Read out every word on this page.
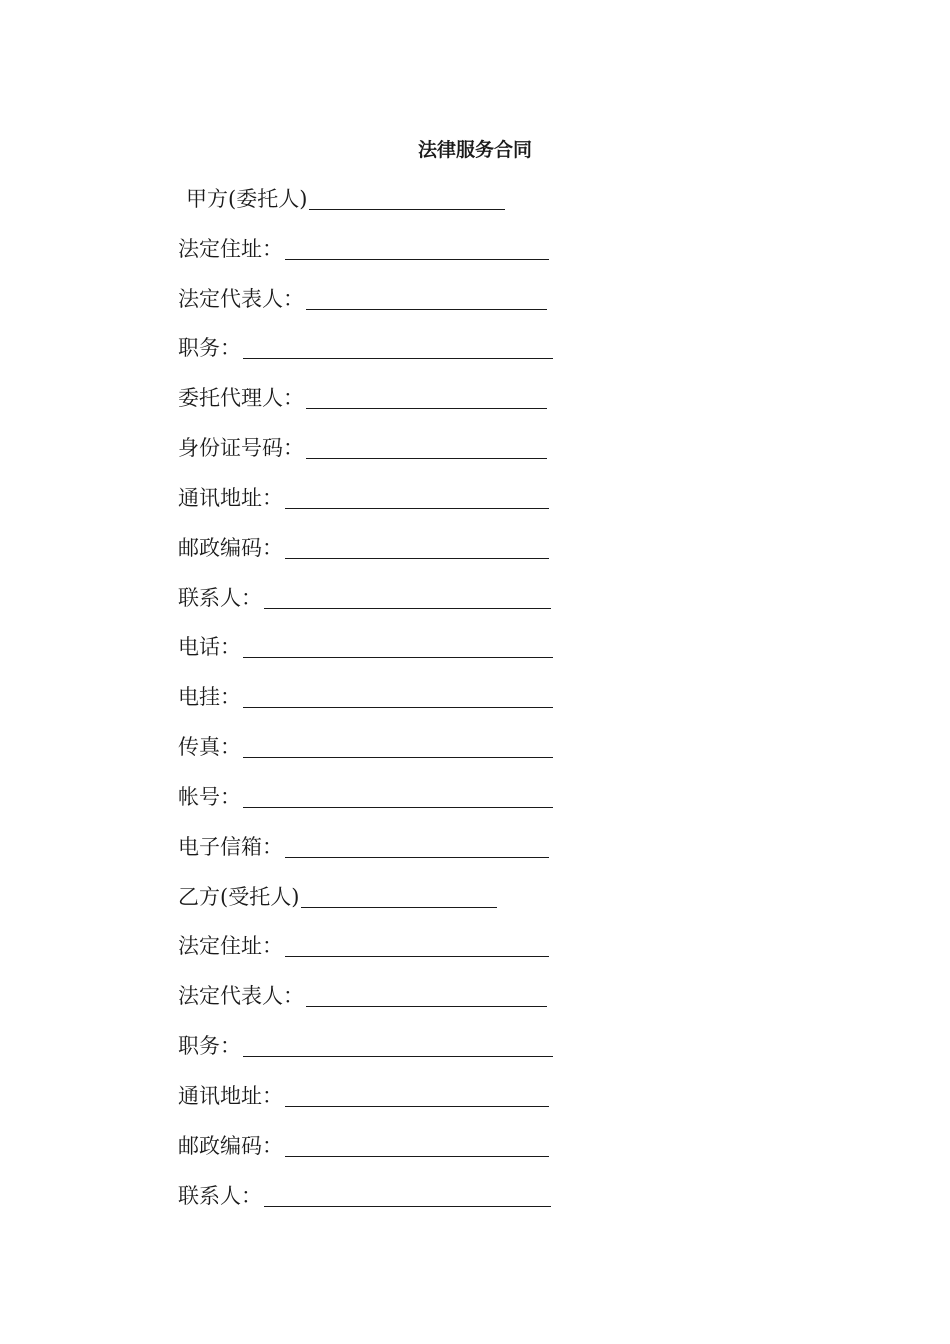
法律服务合同
甲方(委托人)
法定住址：
法定代表人：
职务：
委托代理人：
身份证号码：
通讯地址：
邮政编码：
联系人：
电话：
电挂：
传真：
帐号：
电子信箱：
乙方(受托人)
法定住址：
法定代表人：
职务：
通讯地址：
邮政编码：
联系人：
